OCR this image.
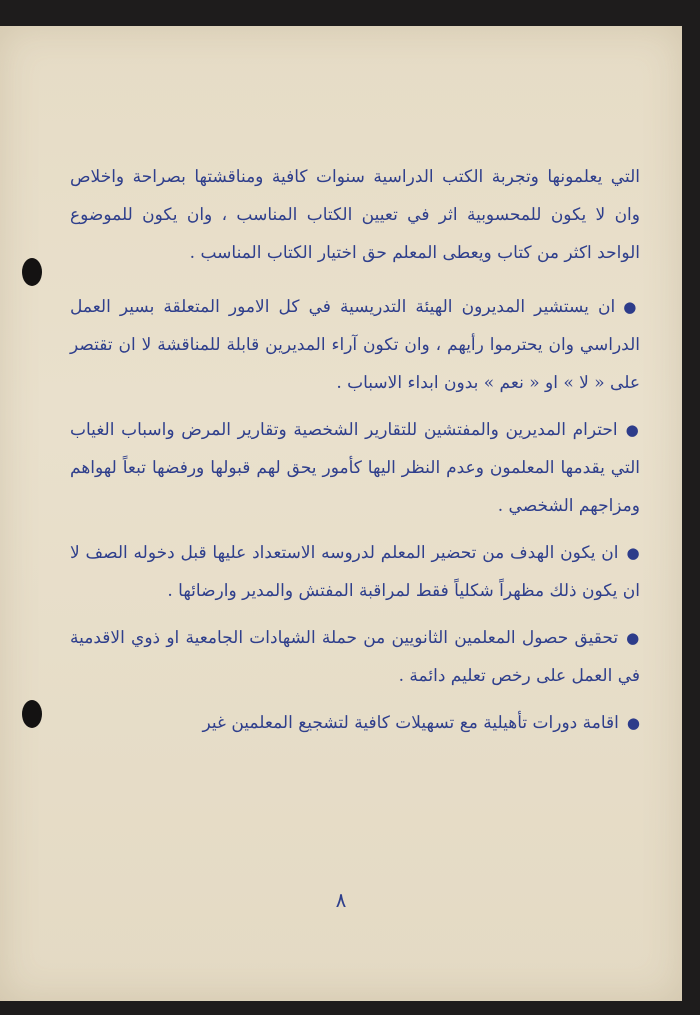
التي يعلمونها وتجربة الكتب الدراسية سنوات كافية ومناقشتها بصراحة واخلاص وان لا يكون للمحسوبية اثر في تعيين الكتاب المناسب ، وان يكون للموضوع الواحد اكثر من كتاب ويعطى المعلم حق اختيار الكتاب المناسب .

●ان يستشير المديرون الهيئة التدريسية في كل الامور المتعلقة بسير العمل الدراسي وان يحترموا رأيهم ، وان تكون آراء المديرين قابلة للمناقشة لا ان تقتصر على « لا » او « نعم » بدون ابداء الاسباب .

●احترام المديرين والمفتشين للتقارير الشخصية وتقارير المرض واسباب الغياب التي يقدمها المعلمون وعدم النظر اليها كأمور يحق لهم قبولها ورفضها تبعاً لهواهم ومزاجهم الشخصي .

●ان يكون الهدف من تحضير المعلم لدروسه الاستعداد عليها قبل دخوله الصف لا ان يكون ذلك مظهراً شكلياً فقط لمراقبة المفتش والمدير وارضائها .

●تحقيق حصول المعلمين الثانويين من حملة الشهادات الجامعية او ذوي الاقدمية في العمل على رخص تعليم دائمة .

●اقامة دورات تأهيلية مع تسهيلات كافية لتشجيع المعلمين غير

٨
